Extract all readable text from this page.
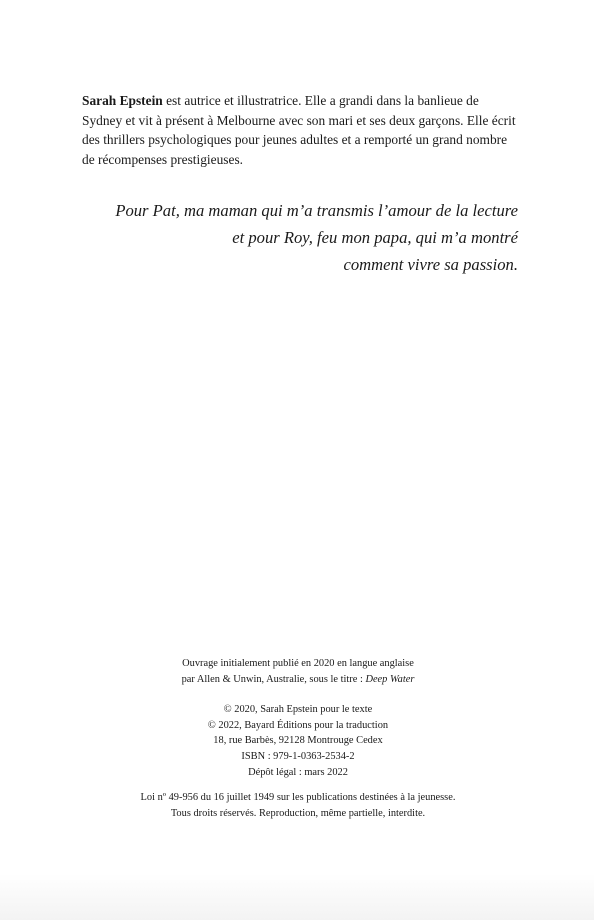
Sarah Epstein est autrice et illustratrice. Elle a grandi dans la banlieue de Sydney et vit à présent à Melbourne avec son mari et ses deux garçons. Elle écrit des thrillers psychologiques pour jeunes adultes et a remporté un grand nombre de récompenses prestigieuses.

Pour Pat, ma maman qui m’a transmis l’amour de la lecture
et pour Roy, feu mon papa, qui m’a montré
comment vivre sa passion.
Ouvrage initialement publié en 2020 en langue anglaise
par Allen & Unwin, Australie, sous le titre : Deep Water
© 2020, Sarah Epstein pour le texte
© 2022, Bayard Éditions pour la traduction
18, rue Barbès, 92128 Montrouge Cedex
ISBN : 979-1-0363-2534-2
Dépôt légal : mars 2022
Loi nº 49-956 du 16 juillet 1949 sur les publications destinées à la jeunesse.
Tous droits réservés. Reproduction, même partielle, interdite.
